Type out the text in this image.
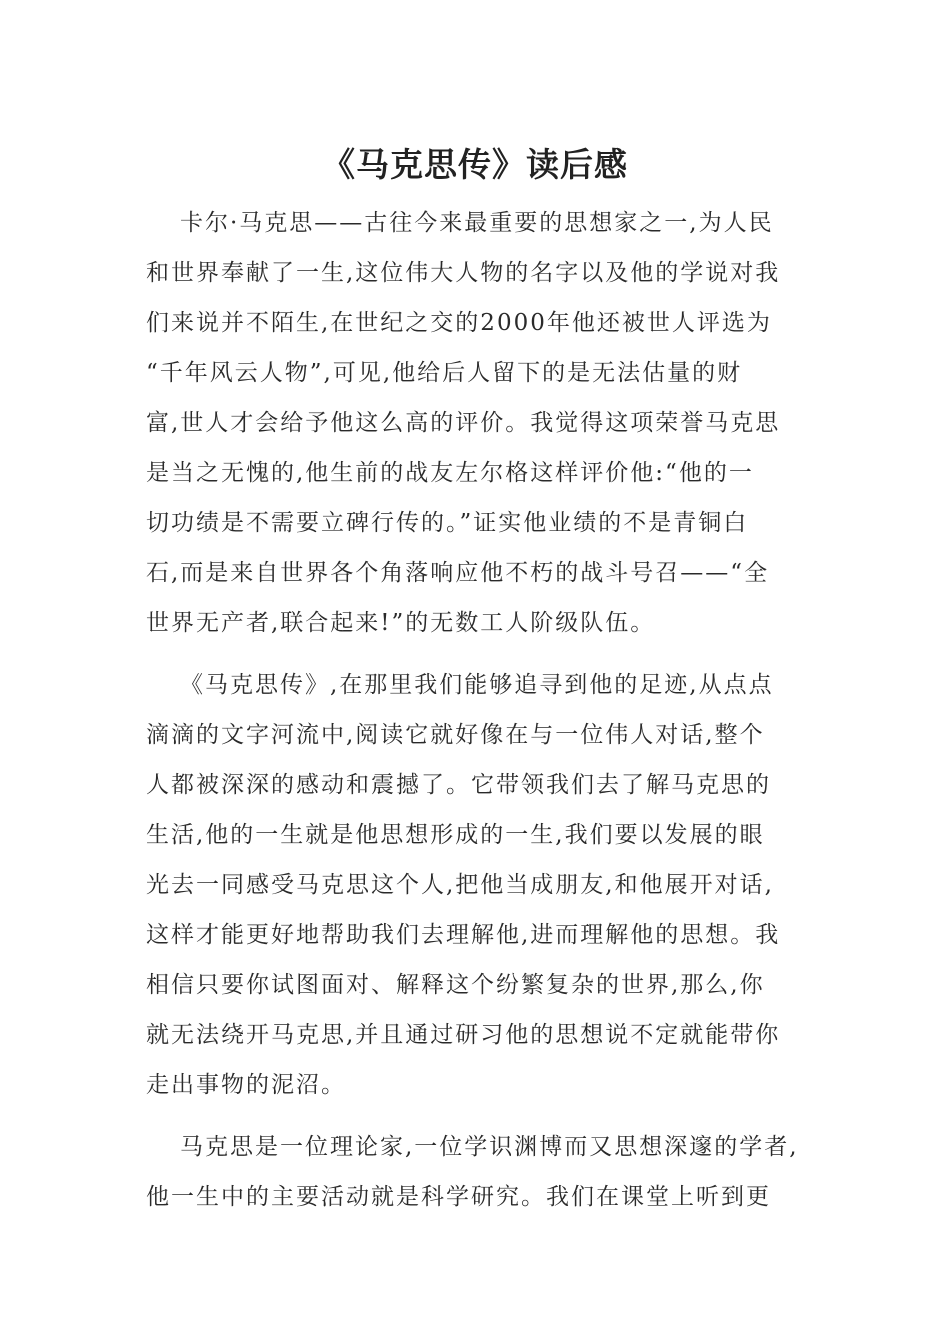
《马克思传》读后感

卡尔·马克思——古往今来最重要的思想家之一,为人民

和世界奉献了一生,这位伟大人物的名字以及他的学说对我

们来说并不陌生,在世纪之交的2000年他还被世人评选为

“千年风云人物”,可见,他给后人留下的是无法估量的财

富,世人才会给予他这么高的评价。我觉得这项荣誉马克思

是当之无愧的,他生前的战友左尔格这样评价他:“他的一

切功绩是不需要立碑行传的。”证实他业绩的不是青铜白

石,而是来自世界各个角落响应他不朽的战斗号召——“全

世界无产者,联合起来!”的无数工人阶级队伍。

《马克思传》,在那里我们能够追寻到他的足迹,从点点

滴滴的文字河流中,阅读它就好像在与一位伟人对话,整个

人都被深深的感动和震撼了。它带领我们去了解马克思的

生活,他的一生就是他思想形成的一生,我们要以发展的眼

光去一同感受马克思这个人,把他当成朋友,和他展开对话,

这样才能更好地帮助我们去理解他,进而理解他的思想。我

相信只要你试图面对、解释这个纷繁复杂的世界,那么,你

就无法绕开马克思,并且通过研习他的思想说不定就能带你

走出事物的泥沼。

马克思是一位理论家,一位学识渊博而又思想深邃的学者,

他一生中的主要活动就是科学研究。我们在课堂上听到更
